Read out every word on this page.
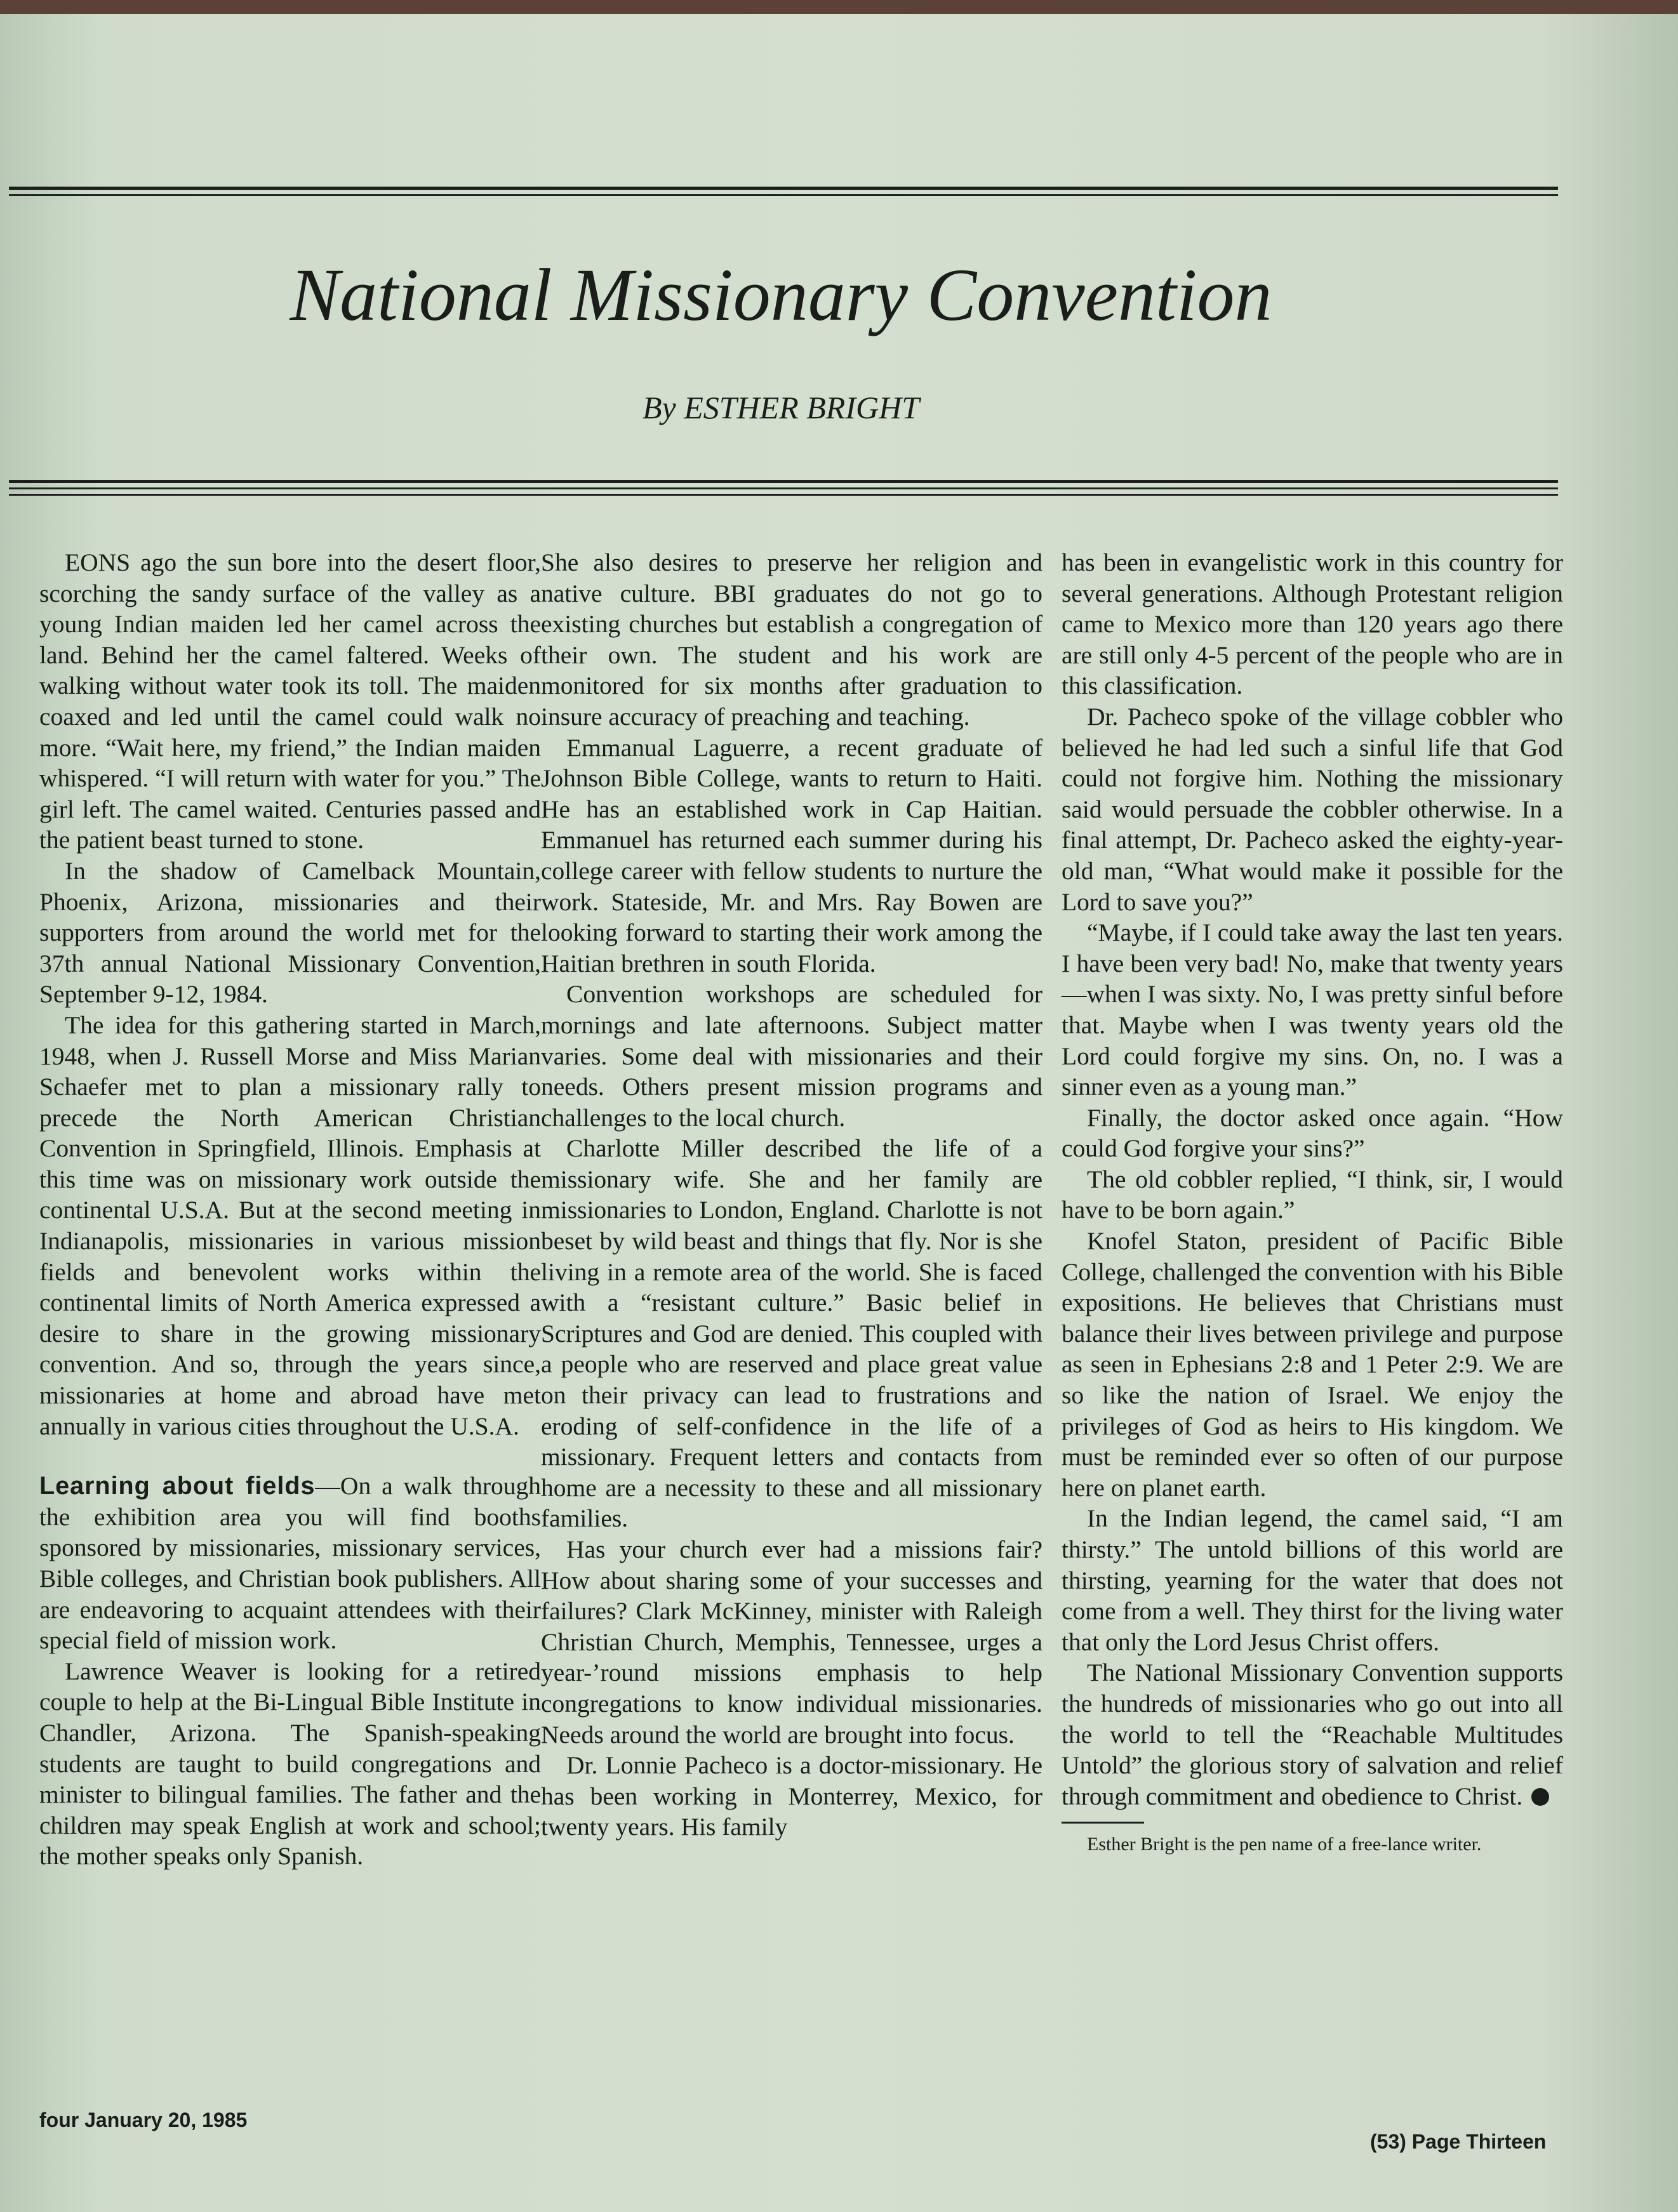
National Missionary Convention
By ESTHER BRIGHT

EONS ago the sun bore into the desert floor, scorching the sandy surface of the valley as a young Indian maiden led her camel across the land. Behind her the camel faltered. Weeks of walking without water took its toll. The maiden coaxed and led until the camel could walk no more. “Wait here, my friend,” the Indian maiden whispered. “I will return with water for you.” The girl left. The camel waited. Centuries passed and the patient beast turned to stone.

In the shadow of Camelback Mountain, Phoenix, Arizona, missionaries and their supporters from around the world met for the 37th annual National Missionary Convention, September 9-12, 1984.

The idea for this gathering started in March, 1948, when J. Russell Morse and Miss Marian Schaefer met to plan a missionary rally to precede the North American Christian Convention in Springfield, Illinois. Emphasis at this time was on missionary work outside the continental U.S.A. But at the second meeting in Indianapolis, missionaries in various mission fields and benevolent works within the continental limits of North America expressed a desire to share in the growing missionary convention. And so, through the years since, missionaries at home and abroad have met annually in various cities throughout the U.S.A.

Learning about fields—On a walk through the exhibition area you will find booths sponsored by missionaries, missionary services, Bible colleges, and Christian book publishers. All are endeavoring to acquaint attendees with their special field of mission work.

Lawrence Weaver is looking for a retired couple to help at the Bi-Lingual Bible Institute in Chandler, Arizona. The Spanish-speaking students are taught to build congregations and minister to bilingual families. The father and the children may speak English at work and school; the mother speaks only Spanish.

She also desires to preserve her religion and native culture. BBI graduates do not go to existing churches but establish a congregation of their own. The student and his work are monitored for six months after graduation to insure accuracy of preaching and teaching.

Emmanual Laguerre, a recent graduate of Johnson Bible College, wants to return to Haiti. He has an established work in Cap Haitian. Emmanuel has returned each summer during his college career with fellow students to nurture the work. Stateside, Mr. and Mrs. Ray Bowen are looking forward to starting their work among the Haitian brethren in south Florida.

Convention workshops are scheduled for mornings and late afternoons. Subject matter varies. Some deal with missionaries and their needs. Others present mission programs and challenges to the local church.

Charlotte Miller described the life of a missionary wife. She and her family are missionaries to London, England. Charlotte is not beset by wild beast and things that fly. Nor is she living in a remote area of the world. She is faced with a “resistant culture.” Basic belief in Scriptures and God are denied. This coupled with a people who are reserved and place great value on their privacy can lead to frustrations and eroding of self-confidence in the life of a missionary. Frequent letters and contacts from home are a necessity to these and all missionary families.

Has your church ever had a missions fair? How about sharing some of your successes and failures? Clark McKinney, minister with Raleigh Christian Church, Memphis, Tennessee, urges a year-’round missions emphasis to help congregations to know individual missionaries. Needs around the world are brought into focus.

Dr. Lonnie Pacheco is a doctor-missionary. He has been working in Monterrey, Mexico, for twenty years. His family

has been in evangelistic work in this country for several generations. Although Protestant religion came to Mexico more than 120 years ago there are still only 4-5 percent of the people who are in this classification.

Dr. Pacheco spoke of the village cobbler who believed he had led such a sinful life that God could not forgive him. Nothing the missionary said would persuade the cobbler otherwise. In a final attempt, Dr. Pacheco asked the eighty-year-old man, “What would make it possible for the Lord to save you?”

“Maybe, if I could take away the last ten years. I have been very bad! No, make that twenty years—when I was sixty. No, I was pretty sinful before that. Maybe when I was twenty years old the Lord could forgive my sins. On, no. I was a sinner even as a young man.”

Finally, the doctor asked once again. “How could God forgive your sins?”

The old cobbler replied, “I think, sir, I would have to be born again.”

Knofel Staton, president of Pacific Bible College, challenged the convention with his Bible expositions. He believes that Christians must balance their lives between privilege and purpose as seen in Ephesians 2:8 and 1 Peter 2:9. We are so like the nation of Israel. We enjoy the privileges of God as heirs to His kingdom. We must be reminded ever so often of our purpose here on planet earth.

In the Indian legend, the camel said, “I am thirsty.” The untold billions of this world are thirsting, yearning for the water that does not come from a well. They thirst for the living water that only the Lord Jesus Christ offers.

The National Missionary Convention supports the hundreds of missionaries who go out into all the world to tell the “Reachable Multitudes Untold” the glorious story of salvation and relief through commitment and obedience to Christ.

Esther Bright is the pen name of a free-lance writer.

four January 20, 1985
(53) Page Thirteen
